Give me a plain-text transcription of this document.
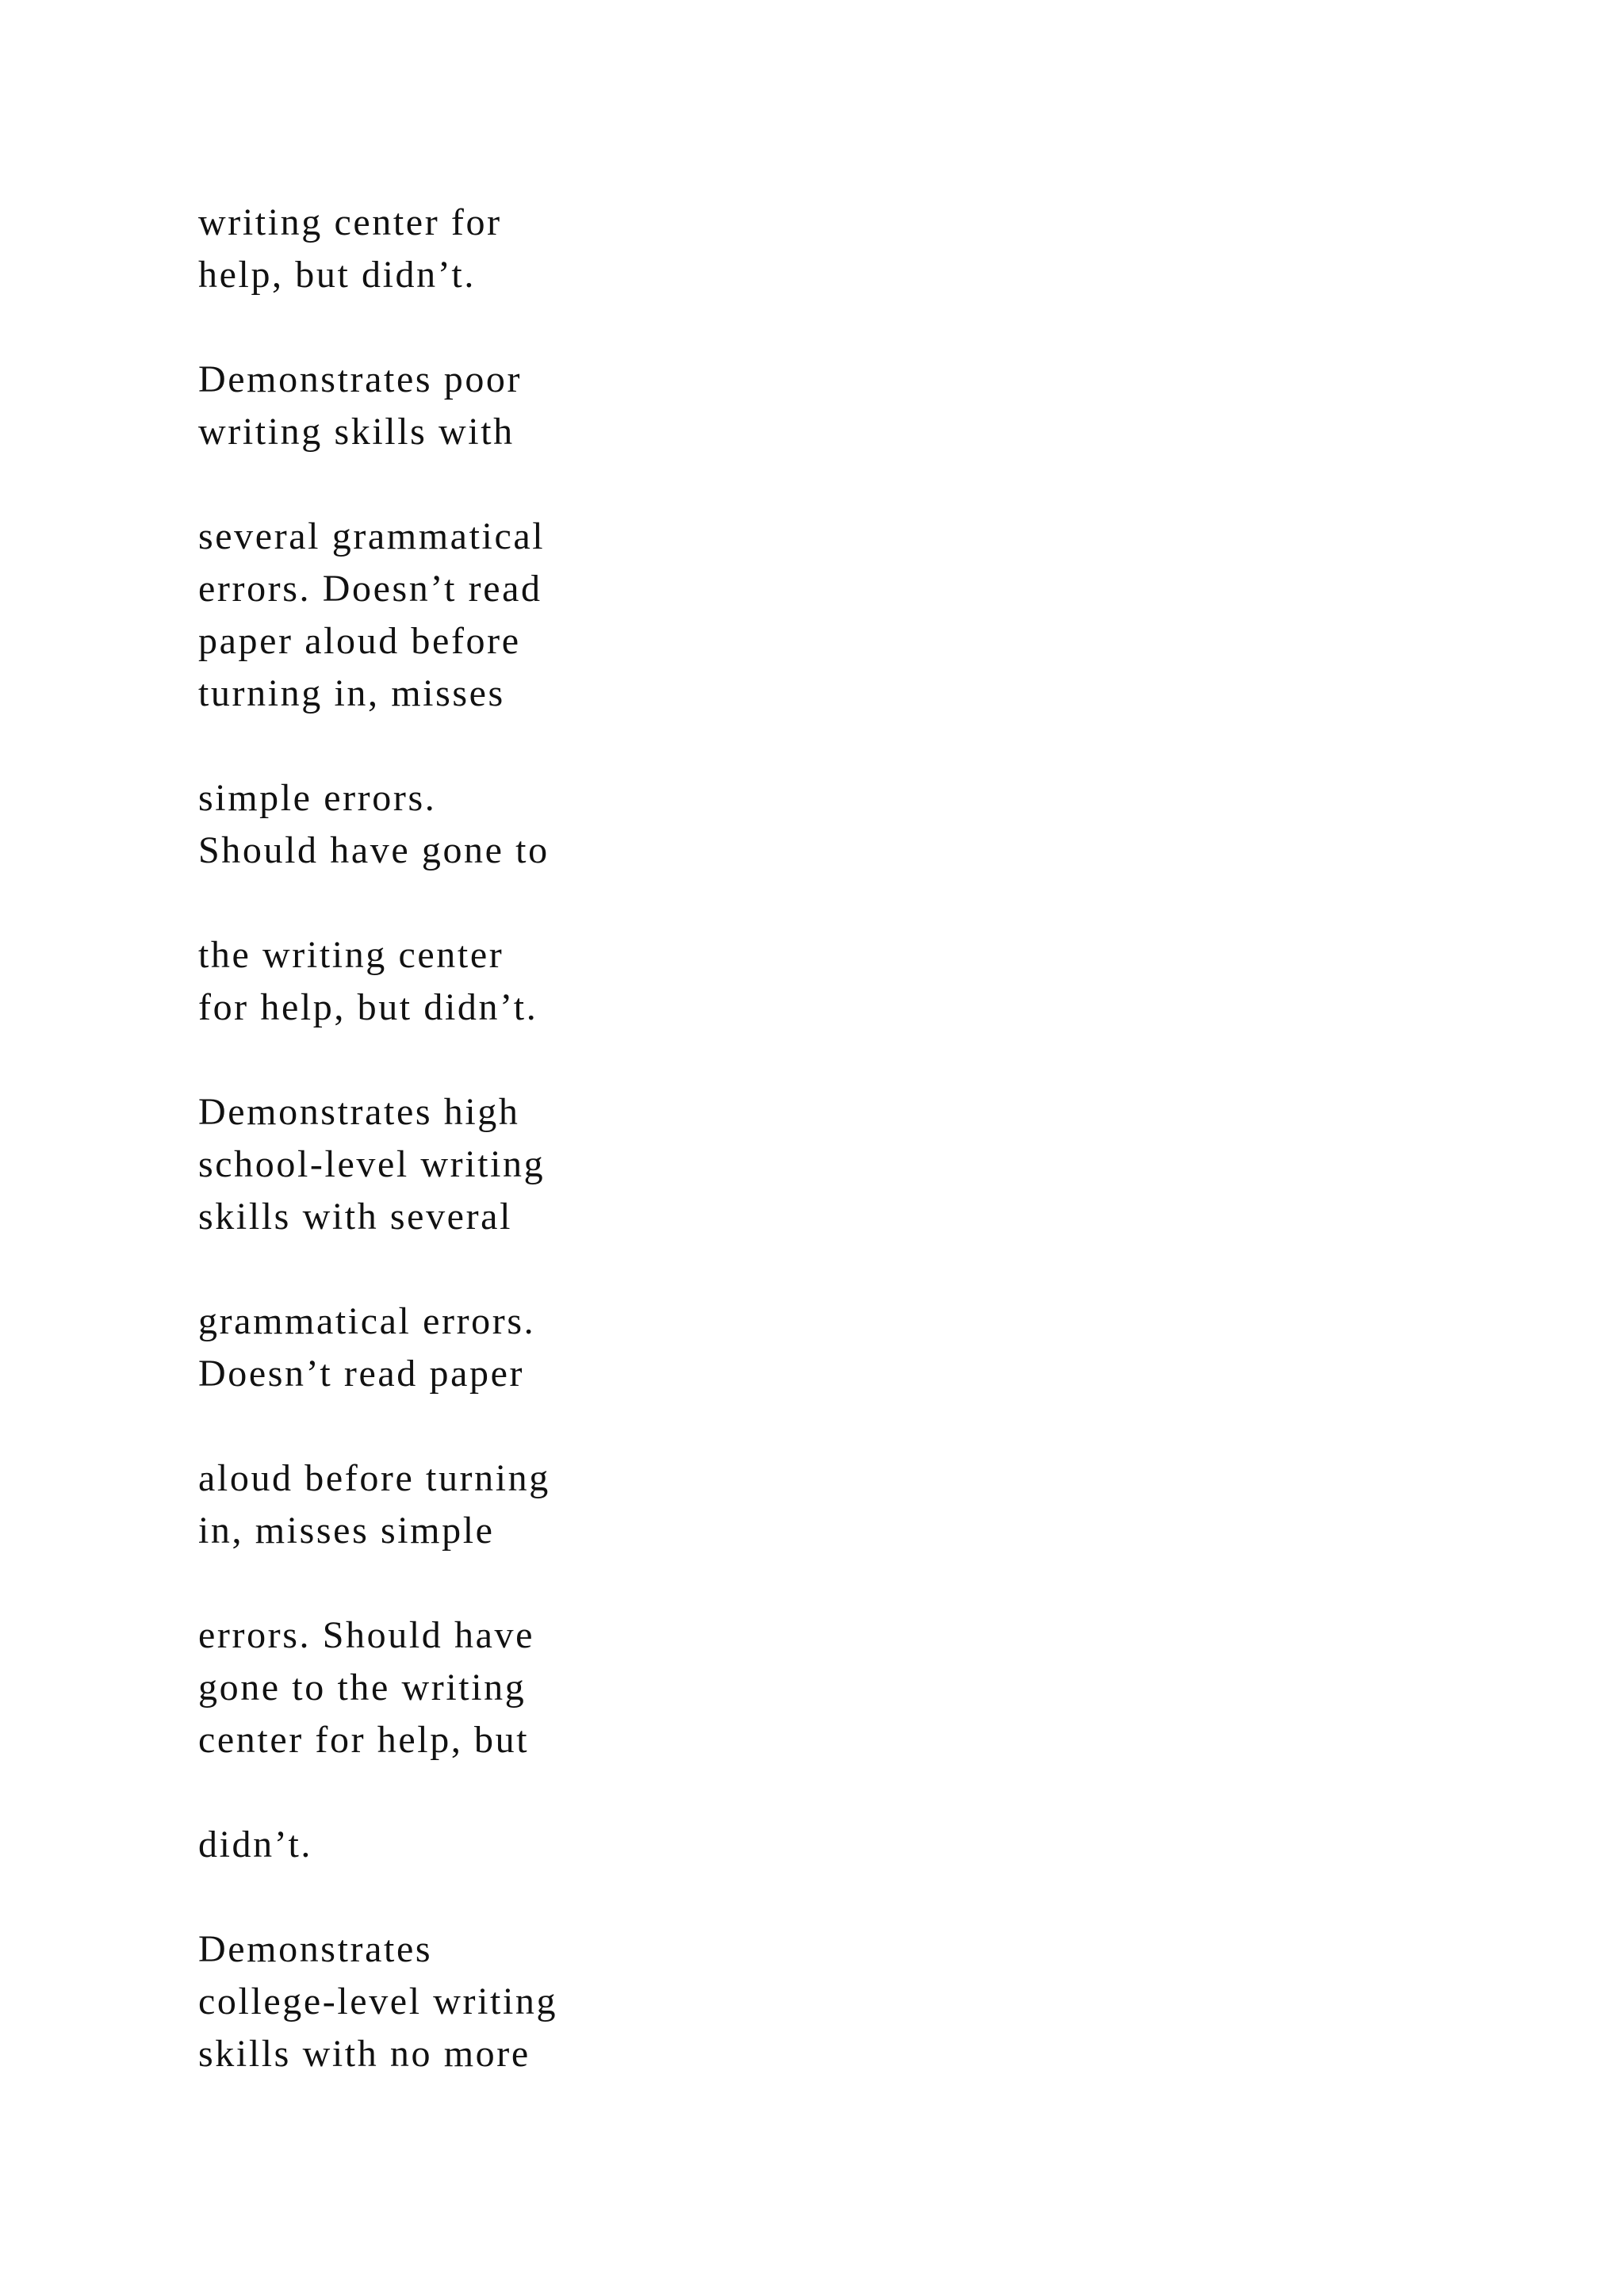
writing center for
help, but didn’t.

Demonstrates poor
writing skills with

several grammatical
errors. Doesn’t read
paper aloud before
turning in, misses

simple errors.
Should have gone to

the writing center
for help, but didn’t.

Demonstrates high
school-level writing
skills with several

grammatical errors.
Doesn’t read paper

aloud before turning
in, misses simple

errors. Should have
gone to the writing
center for help, but

didn’t.

Demonstrates
college-level writing
skills with no more
